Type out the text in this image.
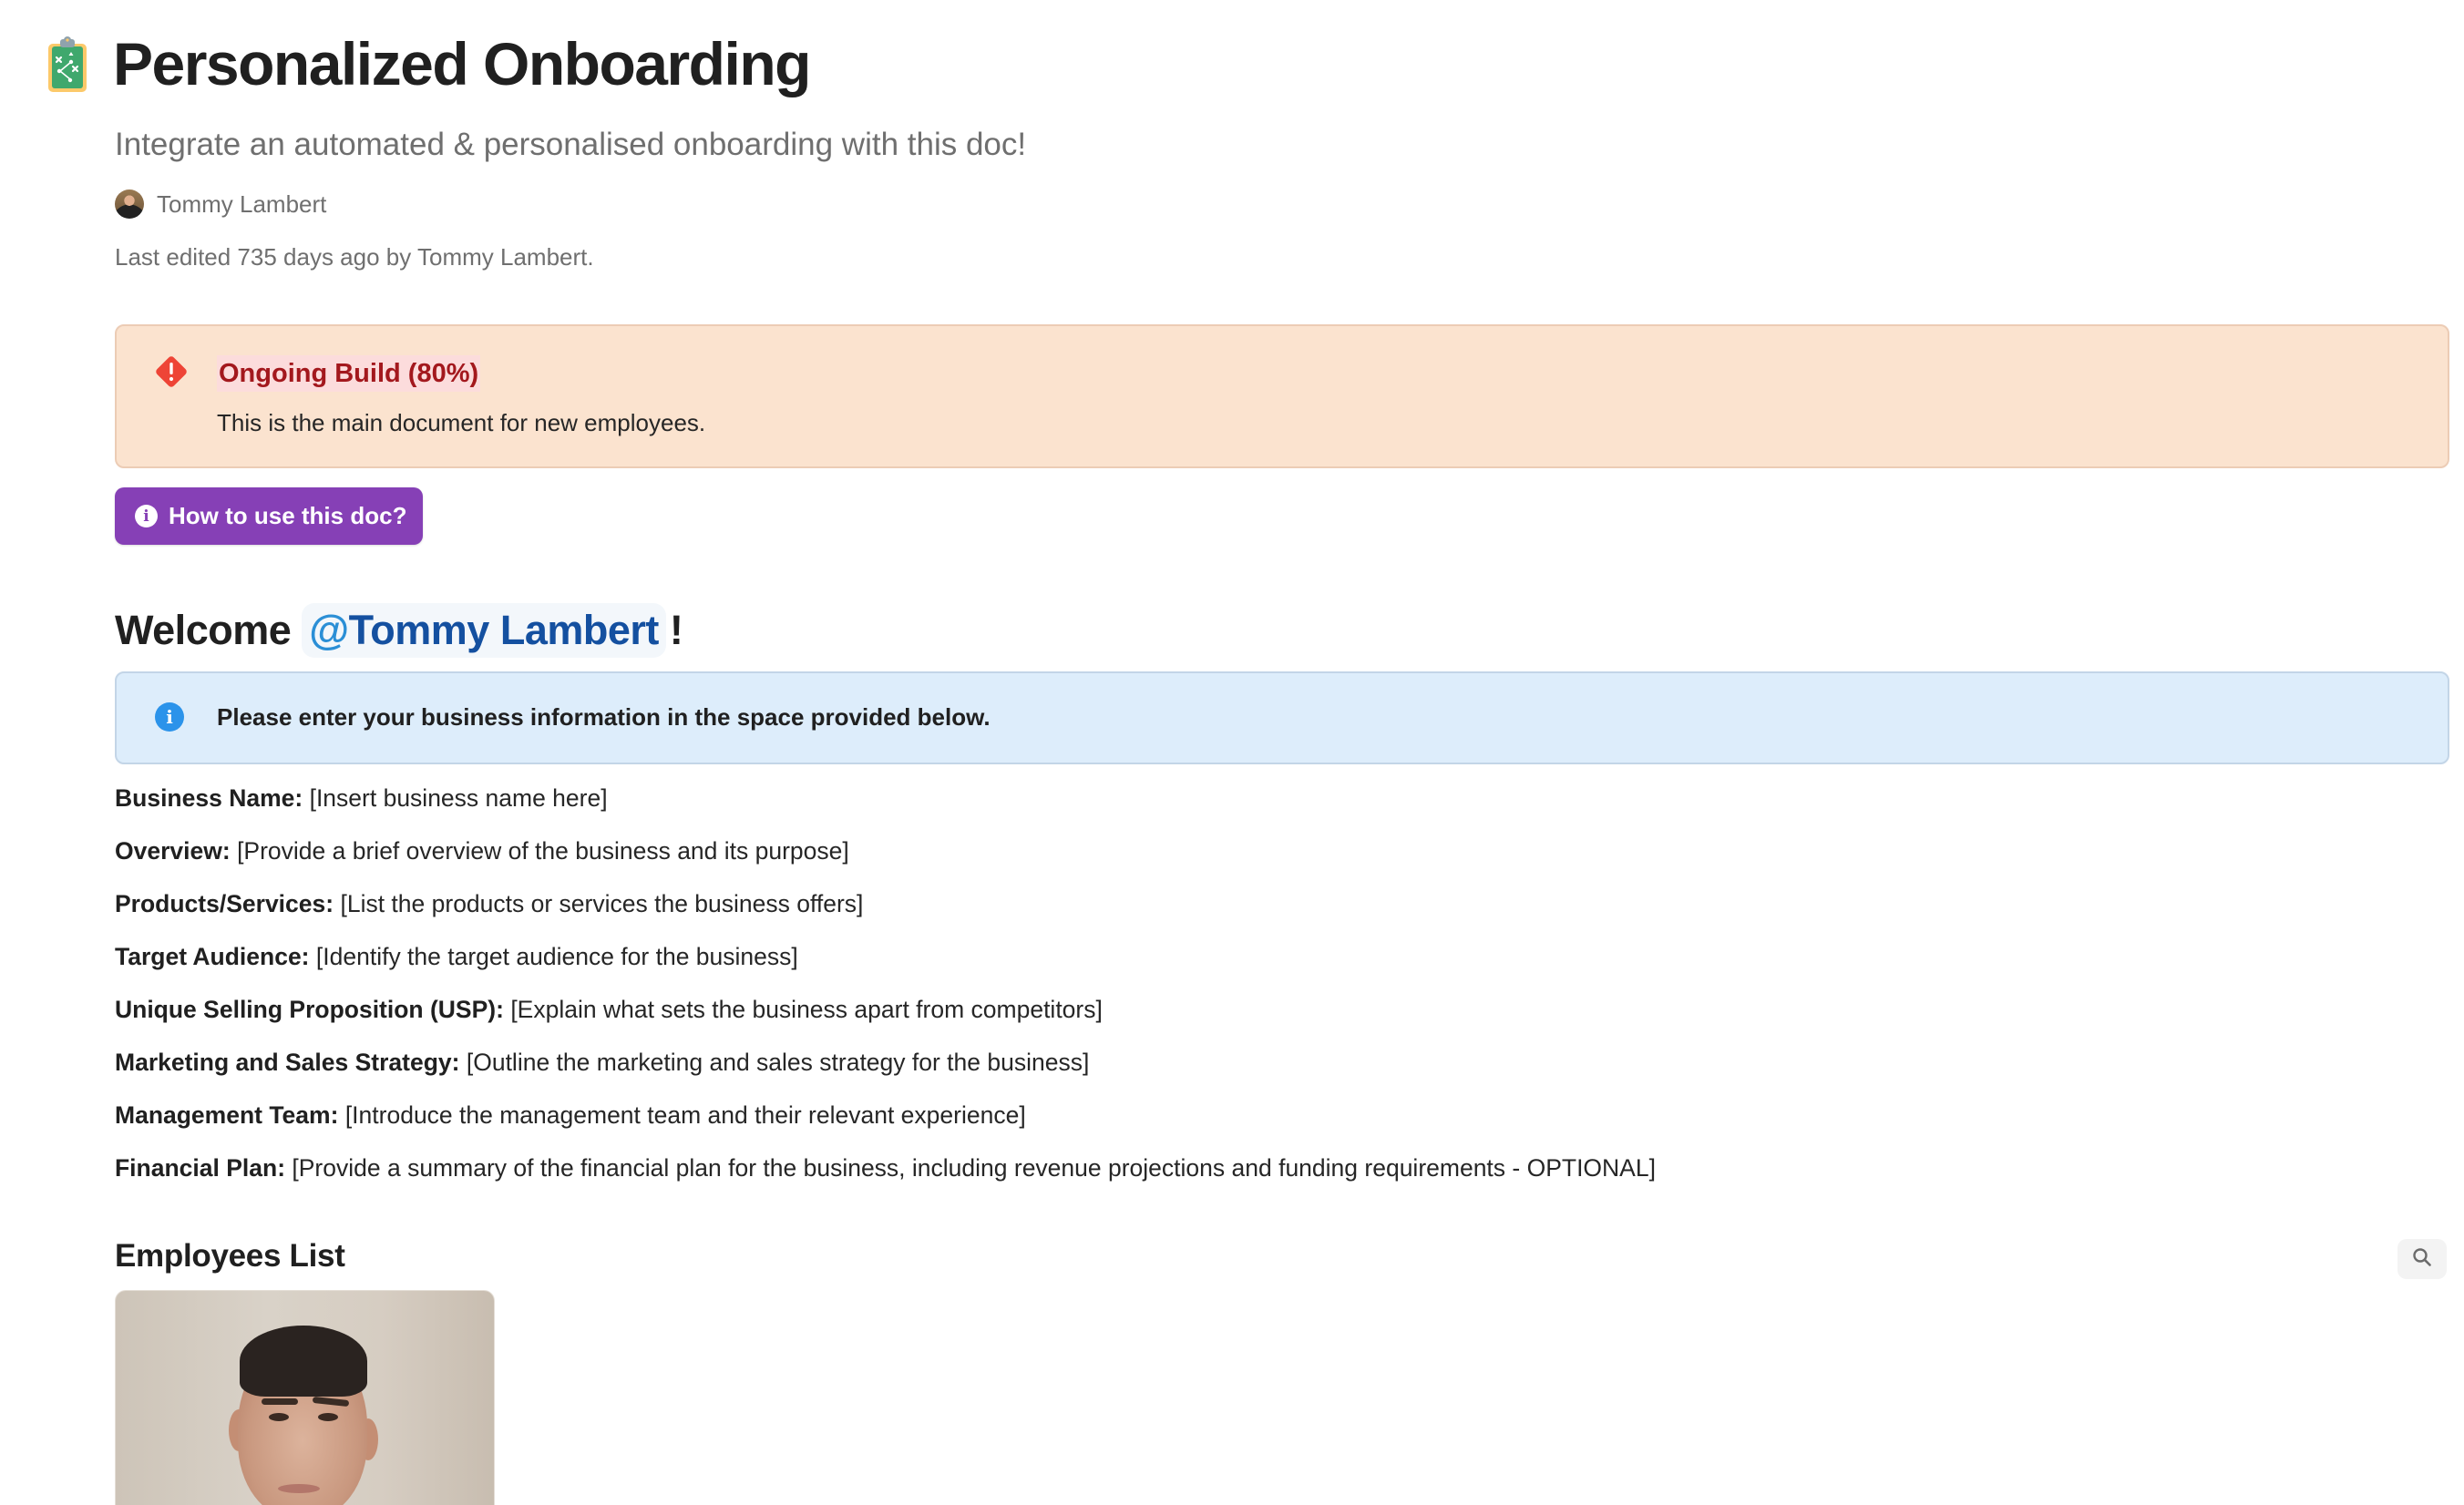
Personalized Onboarding
Integrate an automated & personalised onboarding with this doc!
Tommy Lambert
Last edited 735 days ago by Tommy Lambert.
Ongoing Build (80%)
This is the main document for new employees.
i How to use this doc?
Welcome @Tommy Lambert !
i	Please enter your business information in the space provided below.
Business Name: [Insert business name here]
Overview: [Provide a brief overview of the business and its purpose]
Products/Services: [List the products or services the business offers]
Target Audience: [Identify the target audience for the business]
Unique Selling Proposition (USP): [Explain what sets the business apart from competitors]
Marketing and Sales Strategy: [Outline the marketing and sales strategy for the business]
Management Team: [Introduce the management team and their relevant experience]
Financial Plan: [Provide a summary of the financial plan for the business, including revenue projections and funding requirements - OPTIONAL]
Employees List
